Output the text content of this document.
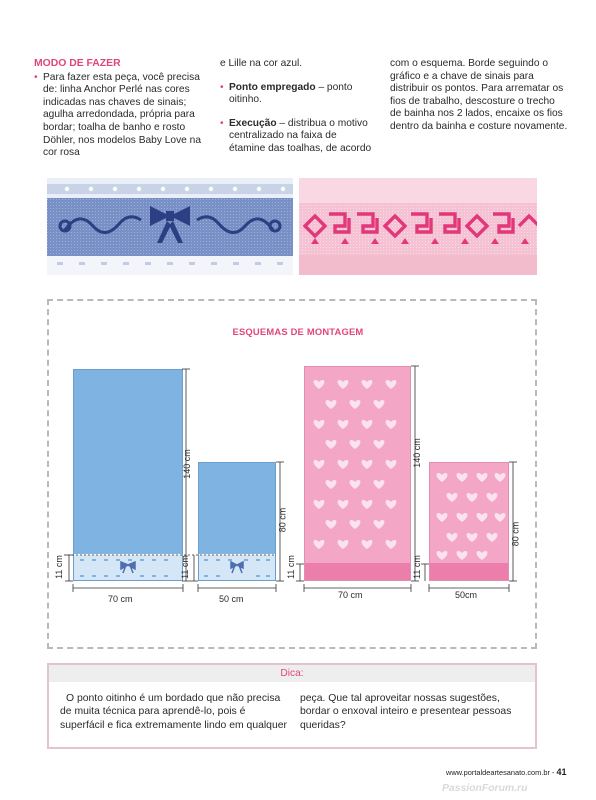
MODO DE FAZER
• Para fazer esta peça, você precisa de: linha Anchor Perlé nas cores indicadas nas chaves de sinais; agulha arredondada, própria para bordar; toalha de banho e rosto Döhler, nos modelos Baby Love na cor rosa
e Lille na cor azul.
• Ponto empregado – ponto oitinho.
• Execução – distribua o motivo centralizado na faixa de étamine das toalhas, de acordo
com o esquema. Borde seguindo o gráfico e a chave de sinais para distribuir os pontos. Para arrematar os fios de trabalho, descosture o trecho de bainha nos 2 lados, encaixe os fios dentro da bainha e costure novamente.
ESQUEMAS DE MONTAGEM
70 cm
140 cm
11 cm
50 cm
80 cm
11 cm
70 cm
140 cm
11 cm
50cm
80 cm
11 cm
Dica:
O ponto oitinho é um bordado que não precisa de muita técnica para aprendê-lo, pois é superfácil e fica extremamente lindo em qualquer
peça. Que tal aproveitar nossas sugestões, bordar o enxoval inteiro e presentear pessoas queridas?
www.portaldeartesanato.com.br - 41
PassionForum.ru
